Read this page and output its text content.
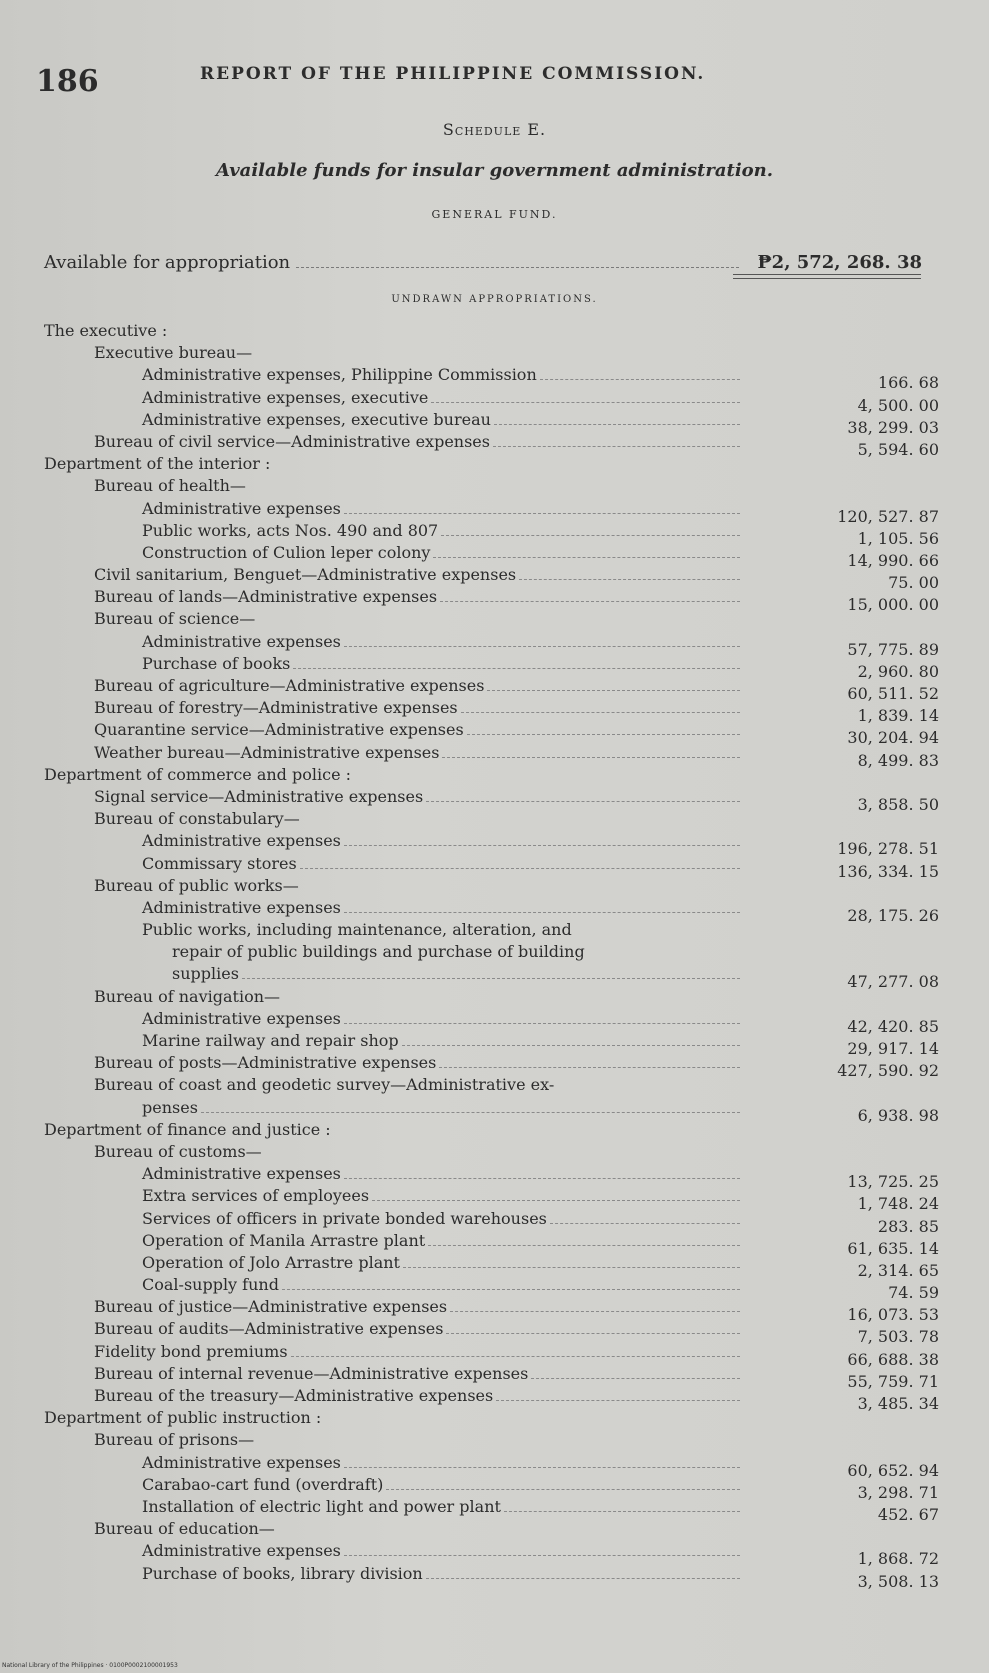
186	REPORT OF THE PHILIPPINE COMMISSION.
Schedule E.
Available funds for insular government administration.
GENERAL FUND.
Available for appropriation	₱2, 572, 268. 38
UNDRAWN APPROPRIATIONS.
The executive :
Executive bureau—
Administrative expenses, Philippine Commission	166. 68
Administrative expenses, executive	4, 500. 00
Administrative expenses, executive bureau	38, 299. 03
Bureau of civil service—Administrative expenses	5, 594. 60
Department of the interior :
Bureau of health—
Administrative expenses	120, 527. 87
Public works, acts Nos. 490 and 807	1, 105. 56
Construction of Culion leper colony	14, 990. 66
Civil sanitarium, Benguet—Administrative expenses	75. 00
Bureau of lands—Administrative expenses	15, 000. 00
Bureau of science—
Administrative expenses	57, 775. 89
Purchase of books	2, 960. 80
Bureau of agriculture—Administrative expenses	60, 511. 52
Bureau of forestry—Administrative expenses	1, 839. 14
Quarantine service—Administrative expenses	30, 204. 94
Weather bureau—Administrative expenses	8, 499. 83
Department of commerce and police :
Signal service—Administrative expenses	3, 858. 50
Bureau of constabulary—
Administrative expenses	196, 278. 51
Commissary stores	136, 334. 15
Bureau of public works—
Administrative expenses	28, 175. 26
Public works, including maintenance, alteration, and
repair of public buildings and purchase of building
supplies	47, 277. 08
Bureau of navigation—
Administrative expenses	42, 420. 85
Marine railway and repair shop	29, 917. 14
Bureau of posts—Administrative expenses	427, 590. 92
Bureau of coast and geodetic survey—Administrative ex-
penses	6, 938. 98
Department of finance and justice :
Bureau of customs—
Administrative expenses	13, 725. 25
Extra services of employees	1, 748. 24
Services of officers in private bonded warehouses	283. 85
Operation of Manila Arrastre plant	61, 635. 14
Operation of Jolo Arrastre plant	2, 314. 65
Coal-supply fund	74. 59
Bureau of justice—Administrative expenses	16, 073. 53
Bureau of audits—Administrative expenses	7, 503. 78
Fidelity bond premiums	66, 688. 38
Bureau of internal revenue—Administrative expenses	55, 759. 71
Bureau of the treasury—Administrative expenses	3, 485. 34
Department of public instruction :
Bureau of prisons—
Administrative expenses	60, 652. 94
Carabao-cart fund (overdraft)	3, 298. 71
Installation of electric light and power plant	452. 67
Bureau of education—
Administrative expenses	1, 868. 72
Purchase of books, library division	3, 508. 13
National Library of the Philippines · 0100P0002100001953
